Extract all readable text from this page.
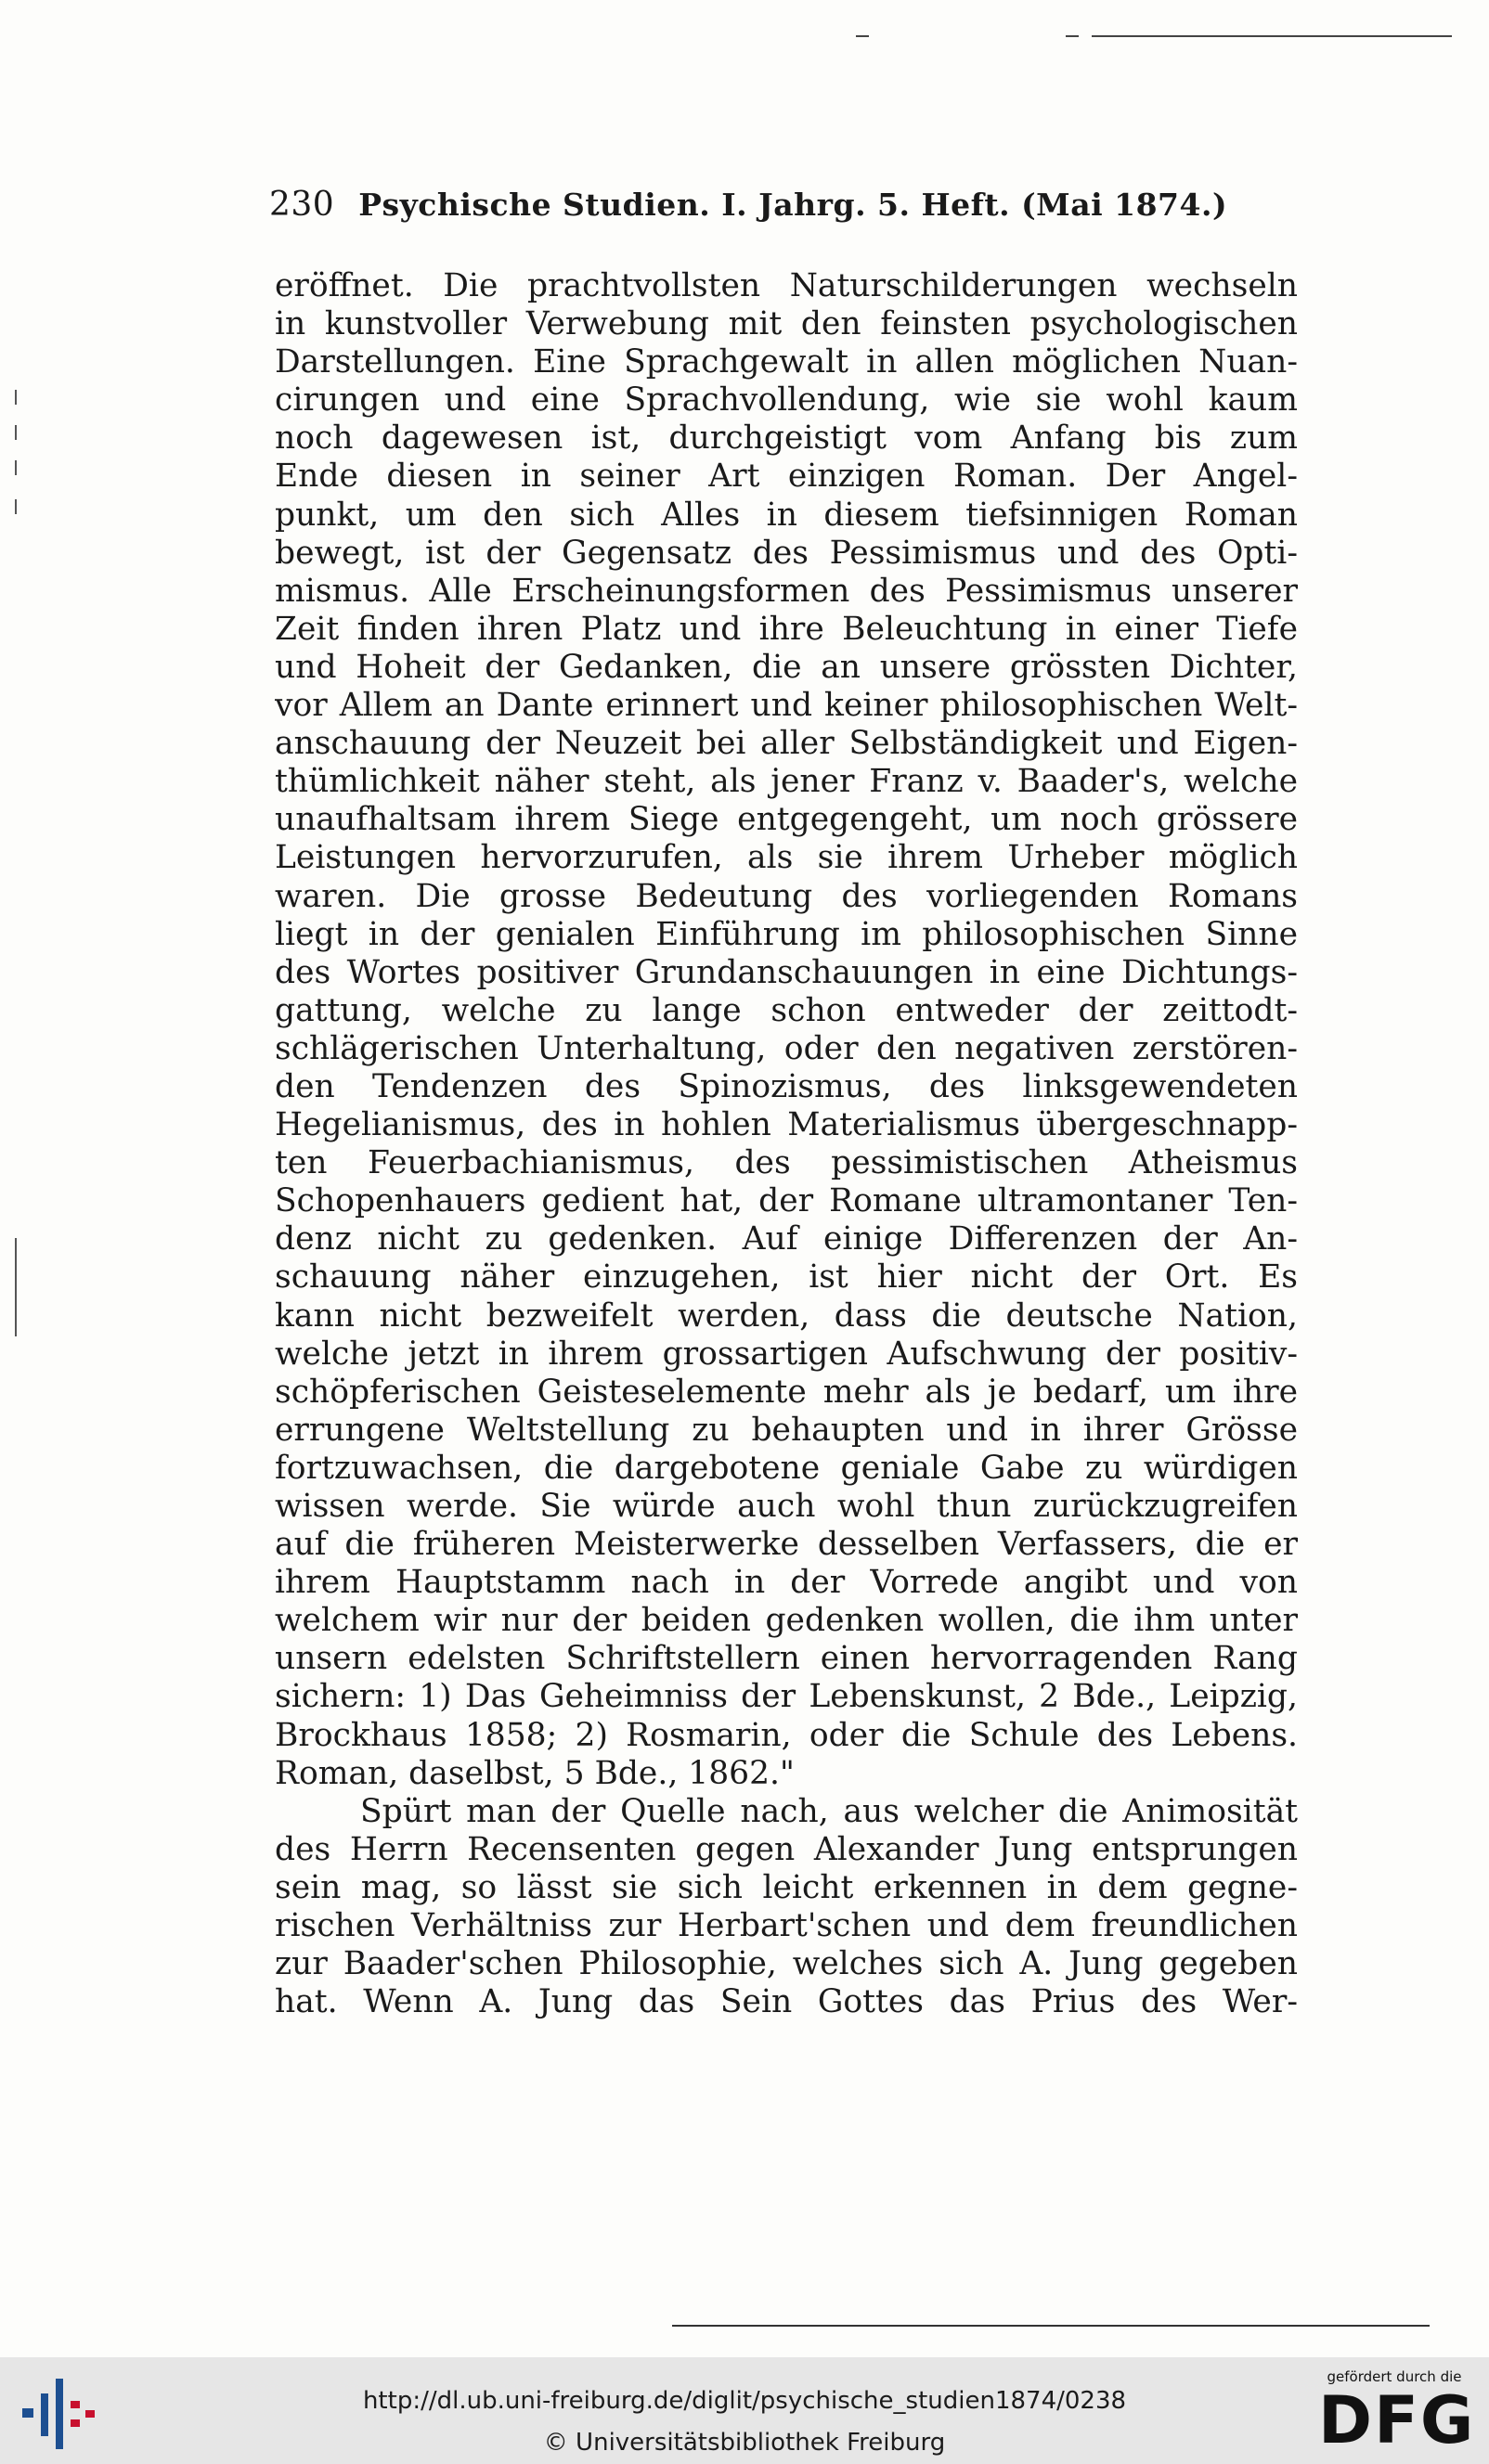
230 Psychische Studien. I. Jahrg. 5. Heft. (Mai 1874.)
eröffnet. Die prachtvollsten Naturschilderungen wechseln
in kunstvoller Verwebung mit den feinsten psychologischen
Darstellungen. Eine Sprachgewalt in allen möglichen Nuan-
cirungen und eine Sprachvollendung, wie sie wohl kaum
noch dagewesen ist, durchgeistigt vom Anfang bis zum
Ende diesen in seiner Art einzigen Roman. Der Angel-
punkt, um den sich Alles in diesem tiefsinnigen Roman
bewegt, ist der Gegensatz des Pessimismus und des Opti-
mismus. Alle Erscheinungsformen des Pessimismus unserer
Zeit finden ihren Platz und ihre Beleuchtung in einer Tiefe
und Hoheit der Gedanken, die an unsere grössten Dichter,
vor Allem an Dante erinnert und keiner philosophischen Welt-
anschauung der Neuzeit bei aller Selbständigkeit und Eigen-
thümlichkeit näher steht, als jener Franz v. Baader's, welche
unaufhaltsam ihrem Siege entgegengeht, um noch grössere
Leistungen hervorzurufen, als sie ihrem Urheber möglich
waren. Die grosse Bedeutung des vorliegenden Romans
liegt in der genialen Einführung im philosophischen Sinne
des Wortes positiver Grundanschauungen in eine Dichtungs-
gattung, welche zu lange schon entweder der zeittodt-
schlägerischen Unterhaltung, oder den negativen zerstören-
den Tendenzen des Spinozismus, des linksgewendeten
Hegelianismus, des in hohlen Materialismus übergeschnapp-
ten Feuerbachianismus, des pessimistischen Atheismus
Schopenhauers gedient hat, der Romane ultramontaner Ten-
denz nicht zu gedenken. Auf einige Differenzen der An-
schauung näher einzugehen, ist hier nicht der Ort. Es
kann nicht bezweifelt werden, dass die deutsche Nation,
welche jetzt in ihrem grossartigen Aufschwung der positiv-
schöpferischen Geisteselemente mehr als je bedarf, um ihre
errungene Weltstellung zu behaupten und in ihrer Grösse
fortzuwachsen, die dargebotene geniale Gabe zu würdigen
wissen werde. Sie würde auch wohl thun zurückzugreifen
auf die früheren Meisterwerke desselben Verfassers, die er
ihrem Hauptstamm nach in der Vorrede angibt und von
welchem wir nur der beiden gedenken wollen, die ihm unter
unsern edelsten Schriftstellern einen hervorragenden Rang
sichern: 1) Das Geheimniss der Lebenskunst, 2 Bde., Leipzig,
Brockhaus 1858; 2) Rosmarin, oder die Schule des Lebens.
Roman, daselbst, 5 Bde., 1862."
Spürt man der Quelle nach, aus welcher die Animosität
des Herrn Recensenten gegen Alexander Jung entsprungen
sein mag, so lässt sie sich leicht erkennen in dem gegne-
rischen Verhältniss zur Herbart'schen und dem freundlichen
zur Baader'schen Philosophie, welches sich A. Jung gegeben
hat. Wenn A. Jung das Sein Gottes das Prius des Wer-
http://dl.ub.uni-freiburg.de/diglit/psychische_studien1874/0238
© Universitätsbibliothek Freiburg
gefördert durch die
DFG
